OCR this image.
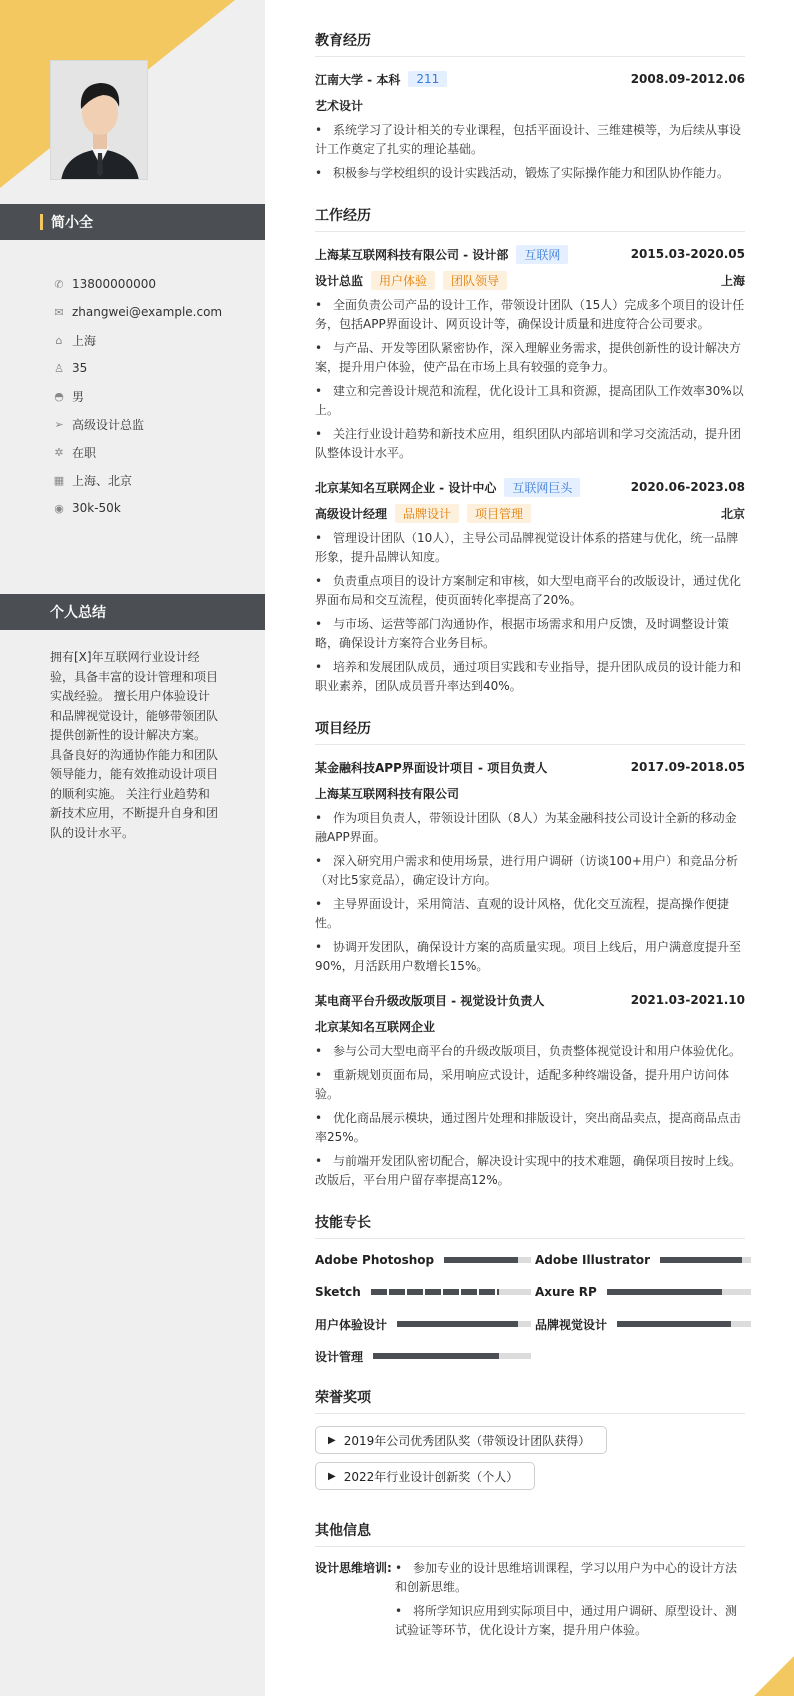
简小全
✆ 13800000000
✉ zhangwei@example.com
⌂ 上海
♙ 35
◓ 男
➢ 高级设计总监
✲ 在职
▦ 上海、北京
◉ 30k-50k
个人总结
拥有[X]年互联网行业设计经验，具备丰富的设计管理和项目实战经验。 擅长用户体验设计和品牌视觉设计，能够带领团队提供创新性的设计解决方案。 具备良好的沟通协作能力和团队领导能力，能有效推动设计项目的顺利实施。 关注行业趋势和新技术应用，不断提升自身和团队的设计水平。
教育经历
江南大学 - 本科	211	2008.09-2012.06
艺术设计
• 系统学习了设计相关的专业课程，包括平面设计、三维建模等，为后续从事设计工作奠定了扎实的理论基础。
• 积极参与学校组织的设计实践活动，锻炼了实际操作能力和团队协作能力。
工作经历
上海某互联网科技有限公司 - 设计部	互联网	2015.03-2020.05
设计总监	用户体验	团队领导	上海
• 全面负责公司产品的设计工作，带领设计团队（15人）完成多个项目的设计任务，包括APP界面设计、网页设计等，确保设计质量和进度符合公司要求。
• 与产品、开发等团队紧密协作，深入理解业务需求，提供创新性的设计解决方案，提升用户体验，使产品在市场上具有较强的竞争力。
• 建立和完善设计规范和流程，优化设计工具和资源，提高团队工作效率30%以上。
• 关注行业设计趋势和新技术应用，组织团队内部培训和学习交流活动，提升团队整体设计水平。
北京某知名互联网企业 - 设计中心	互联网巨头	2020.06-2023.08
高级设计经理	品牌设计	项目管理	北京
• 管理设计团队（10人），主导公司品牌视觉设计体系的搭建与优化，统一品牌形象，提升品牌认知度。
• 负责重点项目的设计方案制定和审核，如大型电商平台的改版设计，通过优化界面布局和交互流程，使页面转化率提高了20%。
• 与市场、运营等部门沟通协作，根据市场需求和用户反馈，及时调整设计策略，确保设计方案符合业务目标。
• 培养和发展团队成员，通过项目实践和专业指导，提升团队成员的设计能力和职业素养，团队成员晋升率达到40%。
项目经历
某金融科技APP界面设计项目 - 项目负责人	2017.09-2018.05
上海某互联网科技有限公司
• 作为项目负责人，带领设计团队（8人）为某金融科技公司设计全新的移动金融APP界面。
• 深入研究用户需求和使用场景，进行用户调研（访谈100+用户）和竞品分析（对比5家竞品），确定设计方向。
• 主导界面设计，采用简洁、直观的设计风格，优化交互流程，提高操作便捷性。
• 协调开发团队，确保设计方案的高质量实现。项目上线后，用户满意度提升至90%，月活跃用户数增长15%。
某电商平台升级改版项目 - 视觉设计负责人	2021.03-2021.10
北京某知名互联网企业
• 参与公司大型电商平台的升级改版项目，负责整体视觉设计和用户体验优化。
• 重新规划页面布局，采用响应式设计，适配多种终端设备，提升用户访问体验。
• 优化商品展示模块，通过图片处理和排版设计，突出商品卖点，提高商品点击率25%。
• 与前端开发团队密切配合，解决设计实现中的技术难题，确保项目按时上线。改版后，平台用户留存率提高12%。
技能专长
Adobe Photoshop	Adobe Illustrator
Sketch	Axure RP
用户体验设计	品牌视觉设计
设计管理
荣誉奖项
▶ 2019年公司优秀团队奖（带领设计团队获得）

▶ 2022年行业设计创新奖（个人）
其他信息
设计思维培训:
•	参加专业的设计思维培训课程，学习以用户为中心的设计方法和创新思维。
• 将所学知识应用到实际项目中，通过用户调研、原型设计、测试验证等环节，优化设计方案，提升用户体验。
